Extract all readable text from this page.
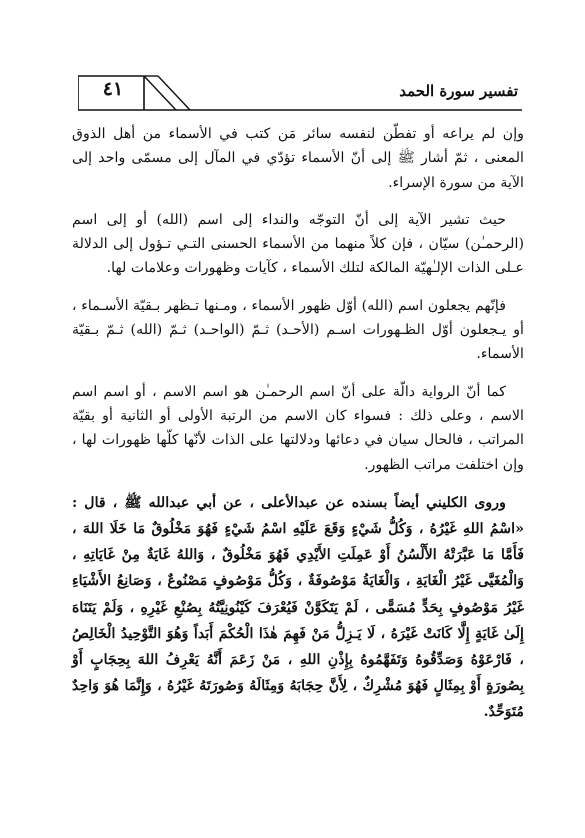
٤١	تفسير سورة الحمد

وإن لم يراعه أو تفطّن لنفسه سائر مَن كتب في الأسماء من أهل الذوق المعنى ، ثمّ أشار ﷺ إلى أنّ الأسماء تؤدّي في المآل إلى مسمّى واحد إلى الآية من سورة الإسراء.

حيث تشير الآية إلى أنّ التوجّه والنداء إلى اسم (الله) أو إلى اسم (الرحمـٰن) سيّان ، فإن كلاً منهما من الأسماء الحسنى التـي تـؤول إلى الدلالة عـلى الذات الإلـٰهيّة المالكة لتلك الأسماء ، كآيات وظهورات وعلامات لها.

فإنّهم يجعلون اسم (الله) أوّل ظهور الأسماء ، ومـنها تـظهر بـقيّة الأسـماء ، أو يـجعلون أوّل الظـهورات اسـم (الأحـد) ثـمّ (الواحـد) ثـمّ (الله) ثـمّ بـقيّة الأسماء.

كما أنّ الرواية دالّة على أنّ اسم الرحمـٰن هو اسم الاسم ، أو اسم اسم الاسم ، وعلى ذلك : فسواء كان الاسم من الرتبة الأولى أو الثانية أو بقيّة المراتب ، فالحال سيان في دعائها ودلالتها على الذات لأنّها كلّها ظهورات لها ، وإن اختلفت مراتب الظهور.

وروى الكليني أيضاً بسنده عن عبدالأعلى ، عن أبي عبدالله ﷺ ، قال : «اسْمُ اللهِ غَيْرُهُ ، وَكُلُّ شَيْءٍ وَقَعَ عَلَيْهِ اسْمُ شَيْءٍ فَهُوَ مَخْلُوقٌ مَا خَلَا اللهَ ، فَأَمَّا مَا عَبَّرَتْهُ الأَلْسُنُ أَوْ عَمِلَتِ الأَيْدِي فَهُوَ مَخْلُوقٌ ، وَاللهُ غَايَةٌ مِنْ غَايَاتِهِ ، وَالْمُغَيَّى غَيْرُ الْغَايَةِ ، وَالْغَايَةُ مَوْصُوفَةٌ ، وَكُلُّ مَوْصُوفٍ مَصْنُوعٌ ، وَصَانِعُ الأَشْيَاءِ غَيْرُ مَوْصُوفٍ بِحَدٍّ مُسَمًّى ، لَمْ يَتَكَوَّنْ فَيُعْرَفَ كَيْنُونِيَّتُهُ بِصُنْعِ غَيْرِهِ ، وَلَمْ يَتَنَاهَ إِلَىٰ غَايَةٍ إِلَّا كَانَتْ غَيْرَهُ ، لَا يَـزِلُّ مَنْ فَهِمَ هٰذَا الْحُكْمَ أَبَداً وَهُوَ التَّوْحِيدُ الْخَالِصُ ، فَارْعَوْهُ وَصَدِّقُوهُ وَتَفَهَّمُوهُ بِإِذْنِ اللهِ ، مَنْ زَعَمَ أَنَّهُ يَعْرِفُ اللهَ بِحِجَابٍ أَوْ بِصُورَةٍ أَوْ بِمِثَالٍ فَهُوَ مُشْرِكٌ ، لِأَنَّ حِجَابَهُ وَمِثَالَهُ وَصُورَتَهُ غَيْرُهُ ، وَإِنَّمَا هُوَ وَاحِدٌ مُتَوَحِّدٌ.
